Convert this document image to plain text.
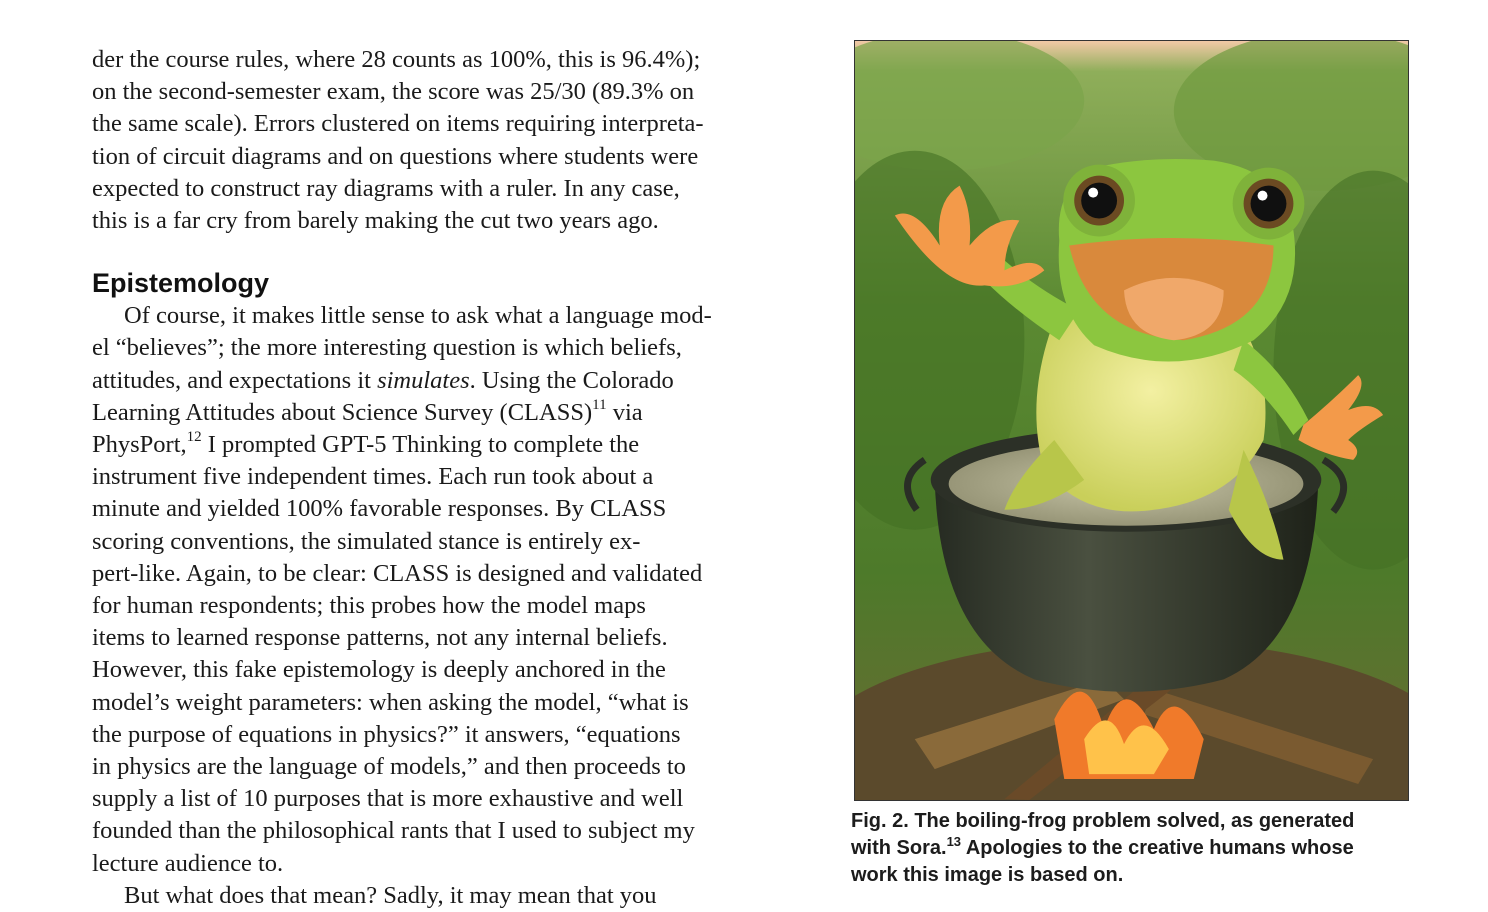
der the course rules, where 28 counts as 100%, this is 96.4%);
on the second-semester exam, the score was 25/30 (89.3% on
the same scale). Errors clustered on items requiring interpreta-
tion of circuit diagrams and on questions where students were
expected to construct ray diagrams with a ruler. In any case,
this is a far cry from barely making the cut two years ago.

Epistemology

Of course, it makes little sense to ask what a language mod-
el “believes”; the more interesting question is which beliefs,
attitudes, and expectations it simulates. Using the Colorado
Learning Attitudes about Science Survey (CLASS)$^{11}$ via
PhysPort,$^{12}$ I prompted GPT-5 Thinking to complete the
instrument five independent times. Each run took about a
minute and yielded 100% favorable responses. By CLASS
scoring conventions, the simulated stance is entirely ex-
pert-like. Again, to be clear: CLASS is designed and validated
for human respondents; this probes how the model maps
items to learned response patterns, not any internal beliefs.
However, this fake epistemology is deeply anchored in the
model’s weight parameters: when asking the model, “what is
the purpose of equations in physics?” it answers, “equations
in physics are the language of models,” and then proceeds to
supply a list of 10 purposes that is more exhaustive and well
founded than the philosophical rants that I used to subject my
lecture audience to.

But what does that mean? Sadly, it may mean that you

Fig. 2. The boiling-frog problem solved, as generated
with Sora.$^{13}$ Apologies to the creative humans whose
work this image is based on.
